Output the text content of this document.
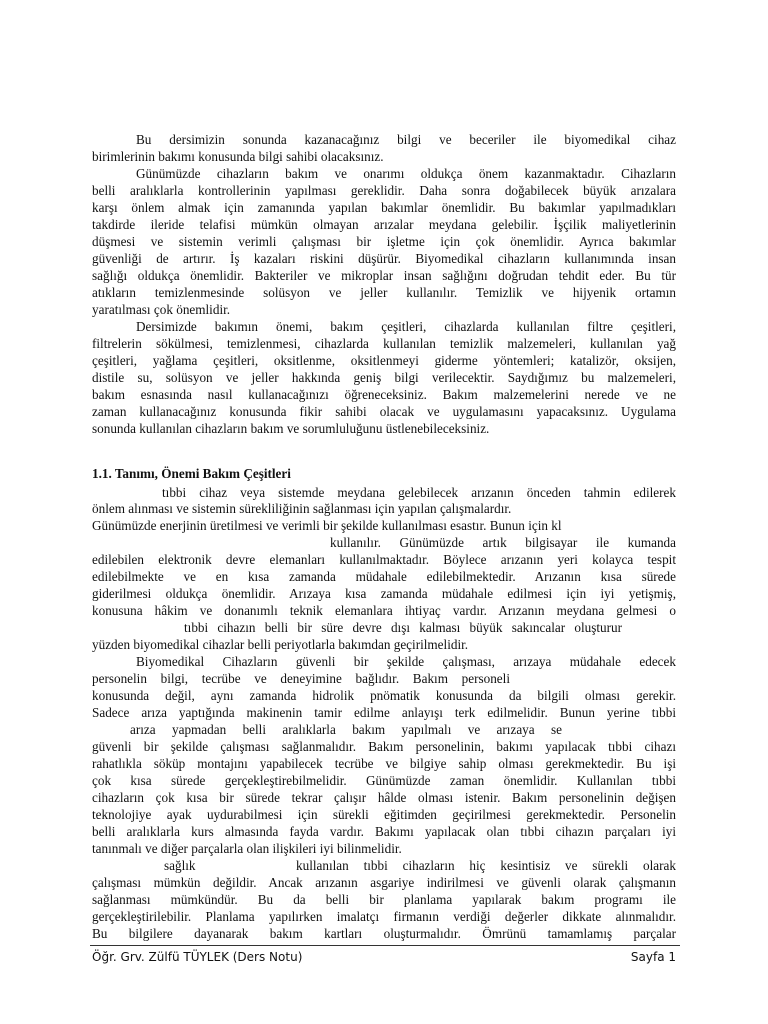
Bu dersimizin sonunda kazanacağınız bilgi ve beceriler ile biyomedikal cihaz
birimlerinin bakımı konusunda bilgi sahibi olacaksınız.
Günümüzde cihazların bakım ve onarımı oldukça önem kazanmaktadır. Cihazların
belli aralıklarla kontrollerinin yapılması gereklidir. Daha sonra doğabilecek büyük arızalara
karşı önlem almak için zamanında yapılan bakımlar önemlidir. Bu bakımlar yapılmadıkları
takdirde ileride telafisi mümkün olmayan arızalar meydana gelebilir. İşçilik maliyetlerinin
düşmesi ve sistemin verimli çalışması bir işletme için çok önemlidir. Ayrıca bakımlar
güvenliği de artırır. İş kazaları riskini düşürür. Biyomedikal cihazların kullanımında insan
sağlığı oldukça önemlidir. Bakteriler ve mikroplar insan sağlığını doğrudan tehdit eder. Bu tür
atıkların temizlenmesinde solüsyon ve jeller kullanılır. Temizlik ve hijyenik ortamın
yaratılması çok önemlidir.
Dersimizde bakımın önemi, bakım çeşitleri, cihazlarda kullanılan filtre çeşitleri,
filtrelerin sökülmesi, temizlenmesi, cihazlarda kullanılan temizlik malzemeleri, kullanılan yağ
çeşitleri, yağlama çeşitleri, oksitlenme, oksitlenmeyi giderme yöntemleri; katalizör, oksijen,
distile su, solüsyon ve jeller hakkında geniş bilgi verilecektir. Saydığımız bu malzemeleri,
bakım esnasında nasıl kullanacağınızı öğreneceksiniz. Bakım malzemelerini nerede ve ne
zaman kullanacağınız konusunda fikir sahibi olacak ve uygulamasını yapacaksınız. Uygulama
sonunda kullanılan cihazların bakım ve sorumluluğunu üstlenebileceksiniz.
1.1. Tanımı, Önemi Bakım Çeşitleri
tıbbi cihaz veya sistemde meydana gelebilecek arızanın önceden tahmin edilerek
önlem alınması ve sistemin sürekliliğinin sağlanması için yapılan çalışmalardır.
Günümüzde enerjinin üretilmesi ve verimli bir şekilde kullanılması esastır. Bunun için kl
kullanılır. Günümüzde artık bilgisayar ile kumanda
edilebilen elektronik devre elemanları kullanılmaktadır. Böylece arızanın yeri kolayca tespit
edilebilmekte ve en kısa zamanda müdahale edilebilmektedir. Arızanın kısa sürede
giderilmesi oldukça önemlidir. Arızaya kısa zamanda müdahale edilmesi için iyi yetişmiş,
konusuna hâkim ve donanımlı teknik elemanlara ihtiyaç vardır. Arızanın meydana gelmesi o
tıbbi cihazın belli bir süre devre dışı kalması büyük sakıncalar oluşturur
yüzden biyomedikal cihazlar belli periyotlarla bakımdan geçirilmelidir.
Biyomedikal Cihazların güvenli bir şekilde çalışması, arızaya müdahale edecek
personelin bilgi, tecrübe ve deneyimine bağlıdır. Bakım personeli
konusunda değil, aynı zamanda hidrolik pnömatik konusunda da bilgili olması gerekir.
Sadece arıza yaptığında makinenin tamir edilme anlayışı terk edilmelidir. Bunun yerine tıbbi
arıza yapmadan belli aralıklarla bakım yapılmalı ve arızaya se
güvenli bir şekilde çalışması sağlanmalıdır. Bakım personelinin, bakımı yapılacak tıbbi cihazı
rahatlıkla söküp montajını yapabilecek tecrübe ve bilgiye sahip olması gerekmektedir. Bu işi
çok kısa sürede gerçekleştirebilmelidir. Günümüzde zaman önemlidir. Kullanılan tıbbi
cihazların çok kısa bir sürede tekrar çalışır hâlde olması istenir. Bakım personelinin değişen
teknolojiye ayak uydurabilmesi için sürekli eğitimden geçirilmesi gerekmektedir. Personelin
belli aralıklarla kurs almasında fayda vardır. Bakımı yapılacak olan tıbbi cihazın parçaları iyi
tanınmalı ve diğer parçalarla olan ilişkileri iyi bilinmelidir.
sağlık	kullanılan tıbbi cihazların hiç kesintisiz ve sürekli olarak
çalışması mümkün değildir. Ancak arızanın asgariye indirilmesi ve güvenli olarak çalışmanın
sağlanması mümkündür. Bu da belli bir planlama yapılarak bakım programı ile
gerçekleştirilebilir. Planlama yapılırken imalatçı firmanın verdiği değerler dikkate alınmalıdır.
Bu bilgilere dayanarak bakım kartları oluşturmalıdır. Ömrünü tamamlamış parçalar
Öğr. Grv. Zülfü TÜYLEK (Ders Notu)	Sayfa 1
